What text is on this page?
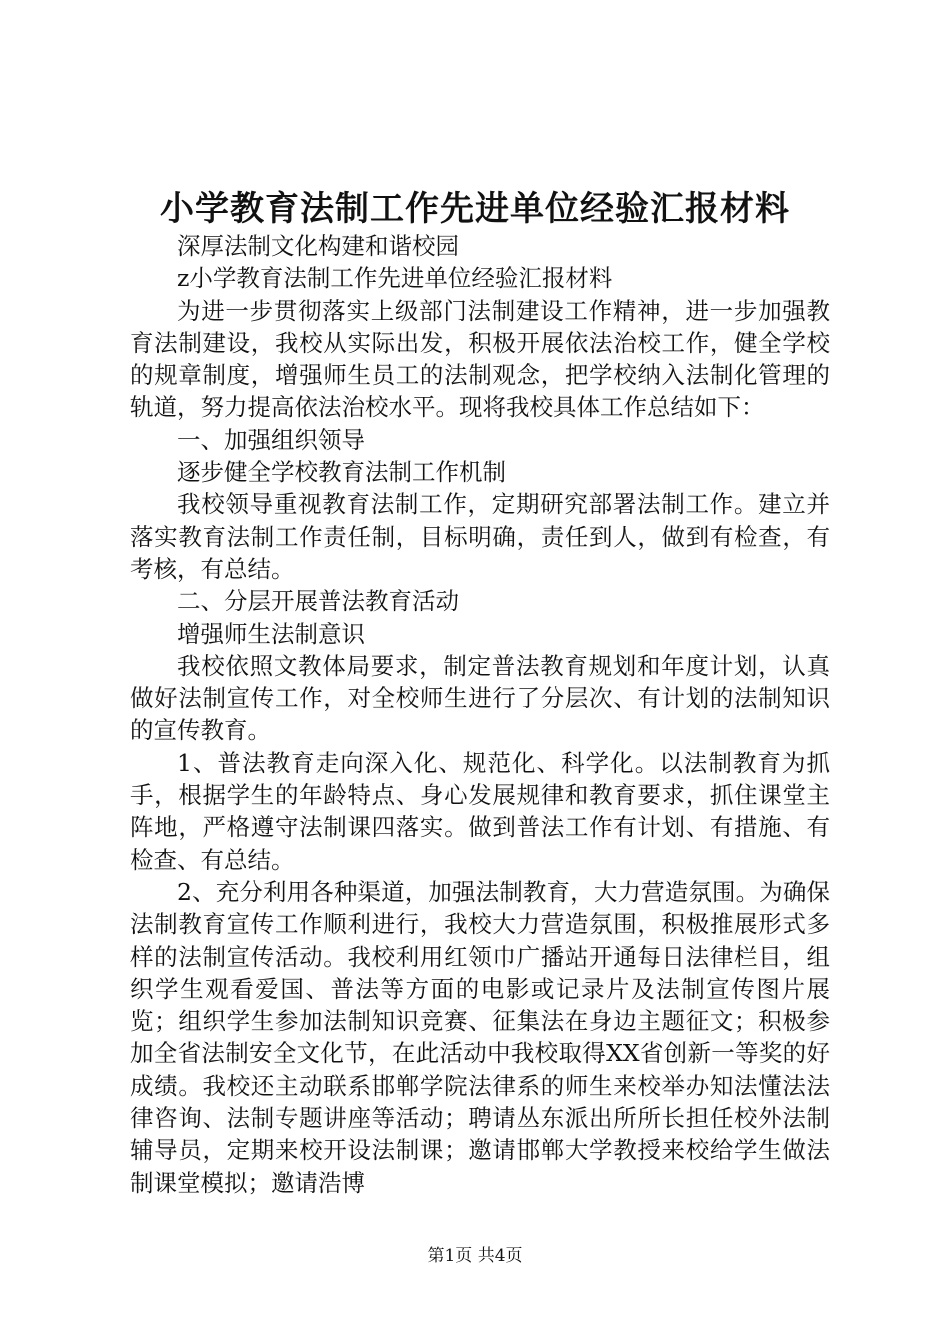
小学教育法制工作先进单位经验汇报材料

深厚法制文化构建和谐校园

z小学教育法制工作先进单位经验汇报材料

为进一步贯彻落实上级部门法制建设工作精神，进一步加强教育法制建设，我校从实际出发，积极开展依法治校工作，健全学校的规章制度，增强师生员工的法制观念，把学校纳入法制化管理的轨道，努力提高依法治校水平。现将我校具体工作总结如下：

一、加强组织领导

逐步健全学校教育法制工作机制

我校领导重视教育法制工作，定期研究部署法制工作。建立并落实教育法制工作责任制，目标明确，责任到人，做到有检查，有考核，有总结。

二、分层开展普法教育活动

增强师生法制意识

我校依照文教体局要求，制定普法教育规划和年度计划，认真做好法制宣传工作，对全校师生进行了分层次、有计划的法制知识的宣传教育。

1、普法教育走向深入化、规范化、科学化。以法制教育为抓手，根据学生的年龄特点、身心发展规律和教育要求，抓住课堂主阵地，严格遵守法制课四落实。做到普法工作有计划、有措施、有检查、有总结。

2、充分利用各种渠道，加强法制教育，大力营造氛围。为确保法制教育宣传工作顺利进行，我校大力营造氛围，积极推展形式多样的法制宣传活动。我校利用红领巾广播站开通每日法律栏目，组织学生观看爱国、普法等方面的电影或记录片及法制宣传图片展览；组织学生参加法制知识竞赛、征集法在身边主题征文；积极参加全省法制安全文化节，在此活动中我校取得XX省创新一等奖的好成绩。我校还主动联系邯郸学院法律系的师生来校举办知法懂法法律咨询、法制专题讲座等活动；聘请丛东派出所所长担任校外法制辅导员，定期来校开设法制课；邀请邯郸大学教授来校给学生做法制课堂模拟；邀请浩博

第1页 共4页
